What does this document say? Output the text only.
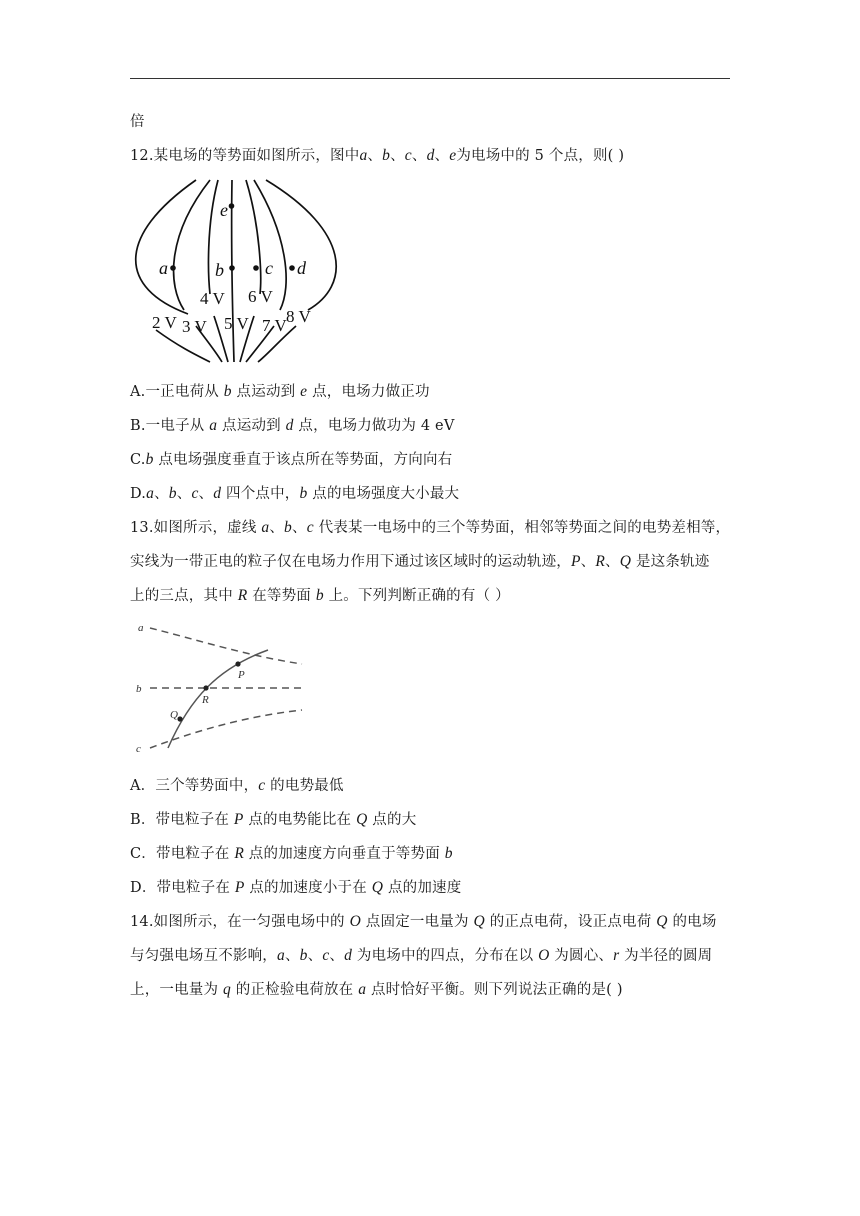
倍
12.某电场的等势面如图所示，图中a、b、c、d、e为电场中的 5 个点，则( )
e
a	b c d
2 V 3 V
4 V
5 V
6 V
7 V 8 V
A.一正电荷从 b 点运动到 e 点，电场力做正功
B.一电子从 a 点运动到 d 点，电场力做功为 4 eV
C.b 点电场强度垂直于该点所在等势面，方向向右
D.a、b、c、d 四个点中，b 点的电场强度大小最大
13.如图所示，虚线 a、b、c 代表某一电场中的三个等势面，相邻等势面之间的电势差相等，
实线为一带正电的粒子仅在电场力作用下通过该区域时的运动轨迹，P、R、Q 是这条轨迹
上的三点，其中 R 在等势面 b 上。下列判断正确的有（ ）
a
b
c
P
R
Q
A．三个等势面中，c 的电势最低
B．带电粒子在 P 点的电势能比在 Q 点的大
C．带电粒子在 R 点的加速度方向垂直于等势面 b
D．带电粒子在 P 点的加速度小于在 Q 点的加速度
14.如图所示，在一匀强电场中的 O 点固定一电量为 Q 的正点电荷，设正点电荷 Q 的电场
与匀强电场互不影响，a、b、c、d 为电场中的四点，分布在以 O 为圆心、r 为半径的圆周
上，一电量为 q 的正检验电荷放在 a 点时恰好平衡。则下列说法正确的是( )
